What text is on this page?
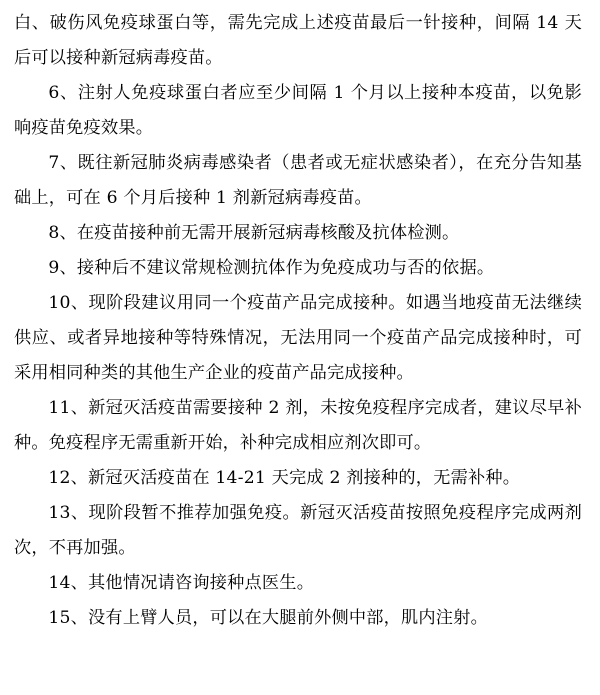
白、破伤风免疫球蛋白等，需先完成上述疫苗最后一针接种，间隔 14 天后可以接种新冠病毒疫苗。

6、注射人免疫球蛋白者应至少间隔 1 个月以上接种本疫苗，以免影响疫苗免疫效果。

7、既往新冠肺炎病毒感染者（患者或无症状感染者），在充分告知基础上，可在 6 个月后接种 1 剂新冠病毒疫苗。

8、在疫苗接种前无需开展新冠病毒核酸及抗体检测。

9、接种后不建议常规检测抗体作为免疫成功与否的依据。

10、现阶段建议用同一个疫苗产品完成接种。如遇当地疫苗无法继续供应、或者异地接种等特殊情况，无法用同一个疫苗产品完成接种时，可采用相同种类的其他生产企业的疫苗产品完成接种。

11、新冠灭活疫苗需要接种 2 剂，未按免疫程序完成者，建议尽早补种。免疫程序无需重新开始，补种完成相应剂次即可。

12、新冠灭活疫苗在 14-21 天完成 2 剂接种的，无需补种。

13、现阶段暂不推荐加强免疫。新冠灭活疫苗按照免疫程序完成两剂次，不再加强。

14、其他情况请咨询接种点医生。

15、没有上臂人员，可以在大腿前外侧中部，肌内注射。
